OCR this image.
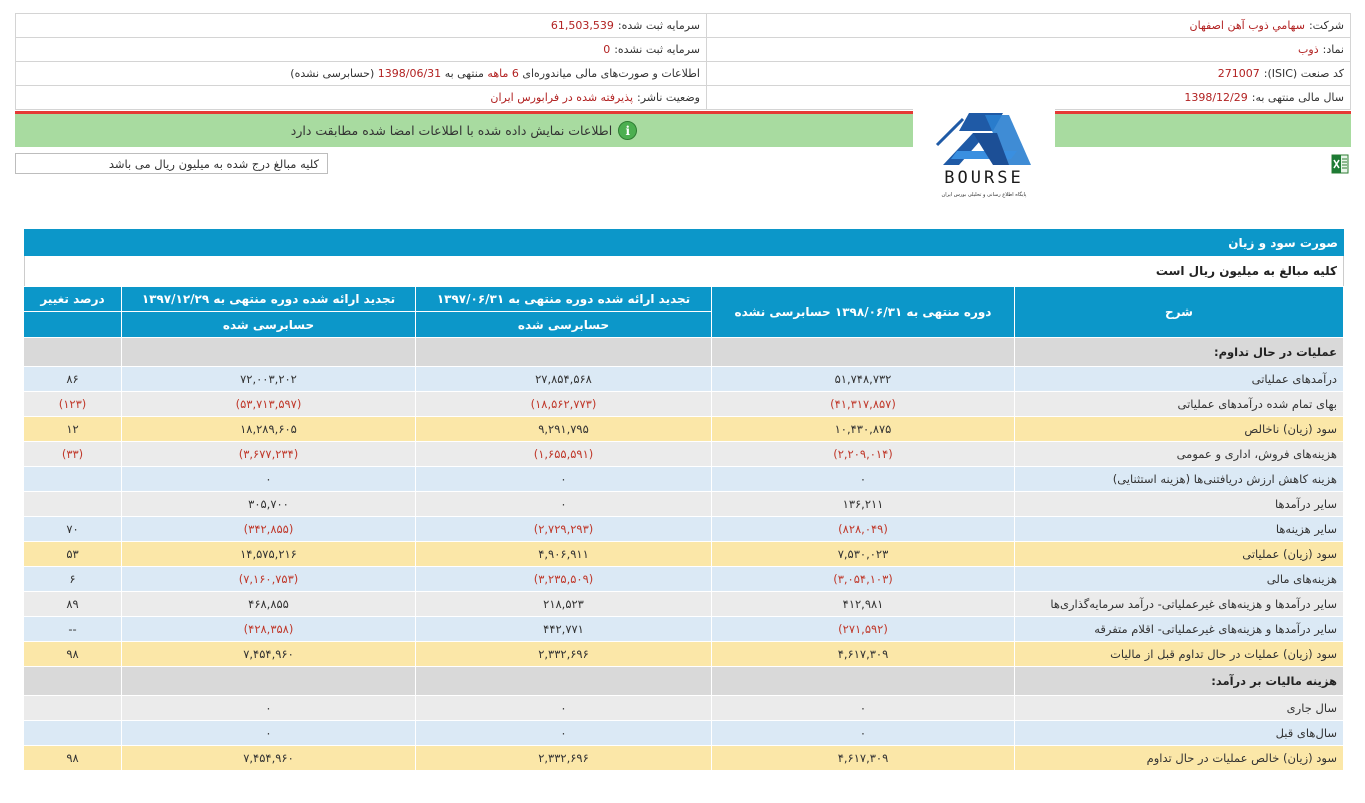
شرکت:
سهامي ذوب آهن اصفهان
سرمایه ثبت شده:
61,503,539
نماد:
ذوب
سرمایه ثبت نشده:
0
کد صنعت (ISIC):
271007
اطلاعات و صورت‌های مالی میاندوره‌ای

6 ماهه

منتهی به

1398/06/31

(حسابرسی نشده)
سال مالی منتهی به:
1398/12/29
وضعیت ناشر:
پذیرفته شده در فرابورس ایران
i
اطلاعات نمایش داده شده با اطلاعات امضا شده مطابقت دارد
کلیه مبالغ درج شده به میلیون ریال می باشد
BOURSE
پایگاه اطلاع رسانی و تحلیلی بورس ایران
صورت سود و زیان
کلیه مبالغ به میلیون ریال است
شرح	دوره منتهی به ۱۳۹۸/۰۶/۳۱ حسابرسی نشده	تجدید ارائه شده دوره منتهی به ۱۳۹۷/۰۶/۳۱	تجدید ارائه شده دوره منتهی به ۱۳۹۷/۱۲/۲۹	درصد تغییر
		حسابرسی شده	حسابرسی شده	
عملیات در حال تداوم:				
درآمدهای عملیاتی	۵۱,۷۴۸,۷۳۲	۲۷,۸۵۴,۵۶۸	۷۲,۰۰۳,۲۰۲	۸۶
بهای تمام شده درآمدهای عملیاتی	(۴۱,۳۱۷,۸۵۷)	(۱۸,۵۶۲,۷۷۳)	(۵۳,۷۱۳,۵۹۷)	(۱۲۳)
سود (زیان) ناخالص	۱۰,۴۳۰,۸۷۵	۹,۲۹۱,۷۹۵	۱۸,۲۸۹,۶۰۵	۱۲
هزینه‌های فروش، اداری و عمومی	(۲,۲۰۹,۰۱۴)	(۱,۶۵۵,۵۹۱)	(۳,۶۷۷,۲۳۴)	(۳۳)
هزینه کاهش ارزش دریافتنی‌ها (هزینه استثنایی)	۰	۰	۰	
سایر درآمدها	۱۳۶,۲۱۱	۰	۳۰۵,۷۰۰	
سایر هزینه‌ها	(۸۲۸,۰۴۹)	(۲,۷۲۹,۲۹۳)	(۳۴۲,۸۵۵)	۷۰
سود (زیان) عملیاتی	۷,۵۳۰,۰۲۳	۴,۹۰۶,۹۱۱	۱۴,۵۷۵,۲۱۶	۵۳
هزینه‌های مالی	(۳,۰۵۴,۱۰۳)	(۳,۲۳۵,۵۰۹)	(۷,۱۶۰,۷۵۳)	۶
سایر درآمدها و هزینه‌های غیرعملیاتی- درآمد سرمایه‌گذاری‌ها	۴۱۲,۹۸۱	۲۱۸,۵۲۳	۴۶۸,۸۵۵	۸۹
سایر درآمدها و هزینه‌های غیرعملیاتی- اقلام متفرقه	(۲۷۱,۵۹۲)	۴۴۲,۷۷۱	(۴۲۸,۳۵۸)	--
سود (زیان) عملیات در حال تداوم قبل از مالیات	۴,۶۱۷,۳۰۹	۲,۳۳۲,۶۹۶	۷,۴۵۴,۹۶۰	۹۸
هزینه مالیات بر درآمد:				
سال جاری	۰	۰	۰	
سال‌های قبل	۰	۰	۰	
سود (زیان) خالص عملیات در حال تداوم	۴,۶۱۷,۳۰۹	۲,۳۳۲,۶۹۶	۷,۴۵۴,۹۶۰	۹۸
